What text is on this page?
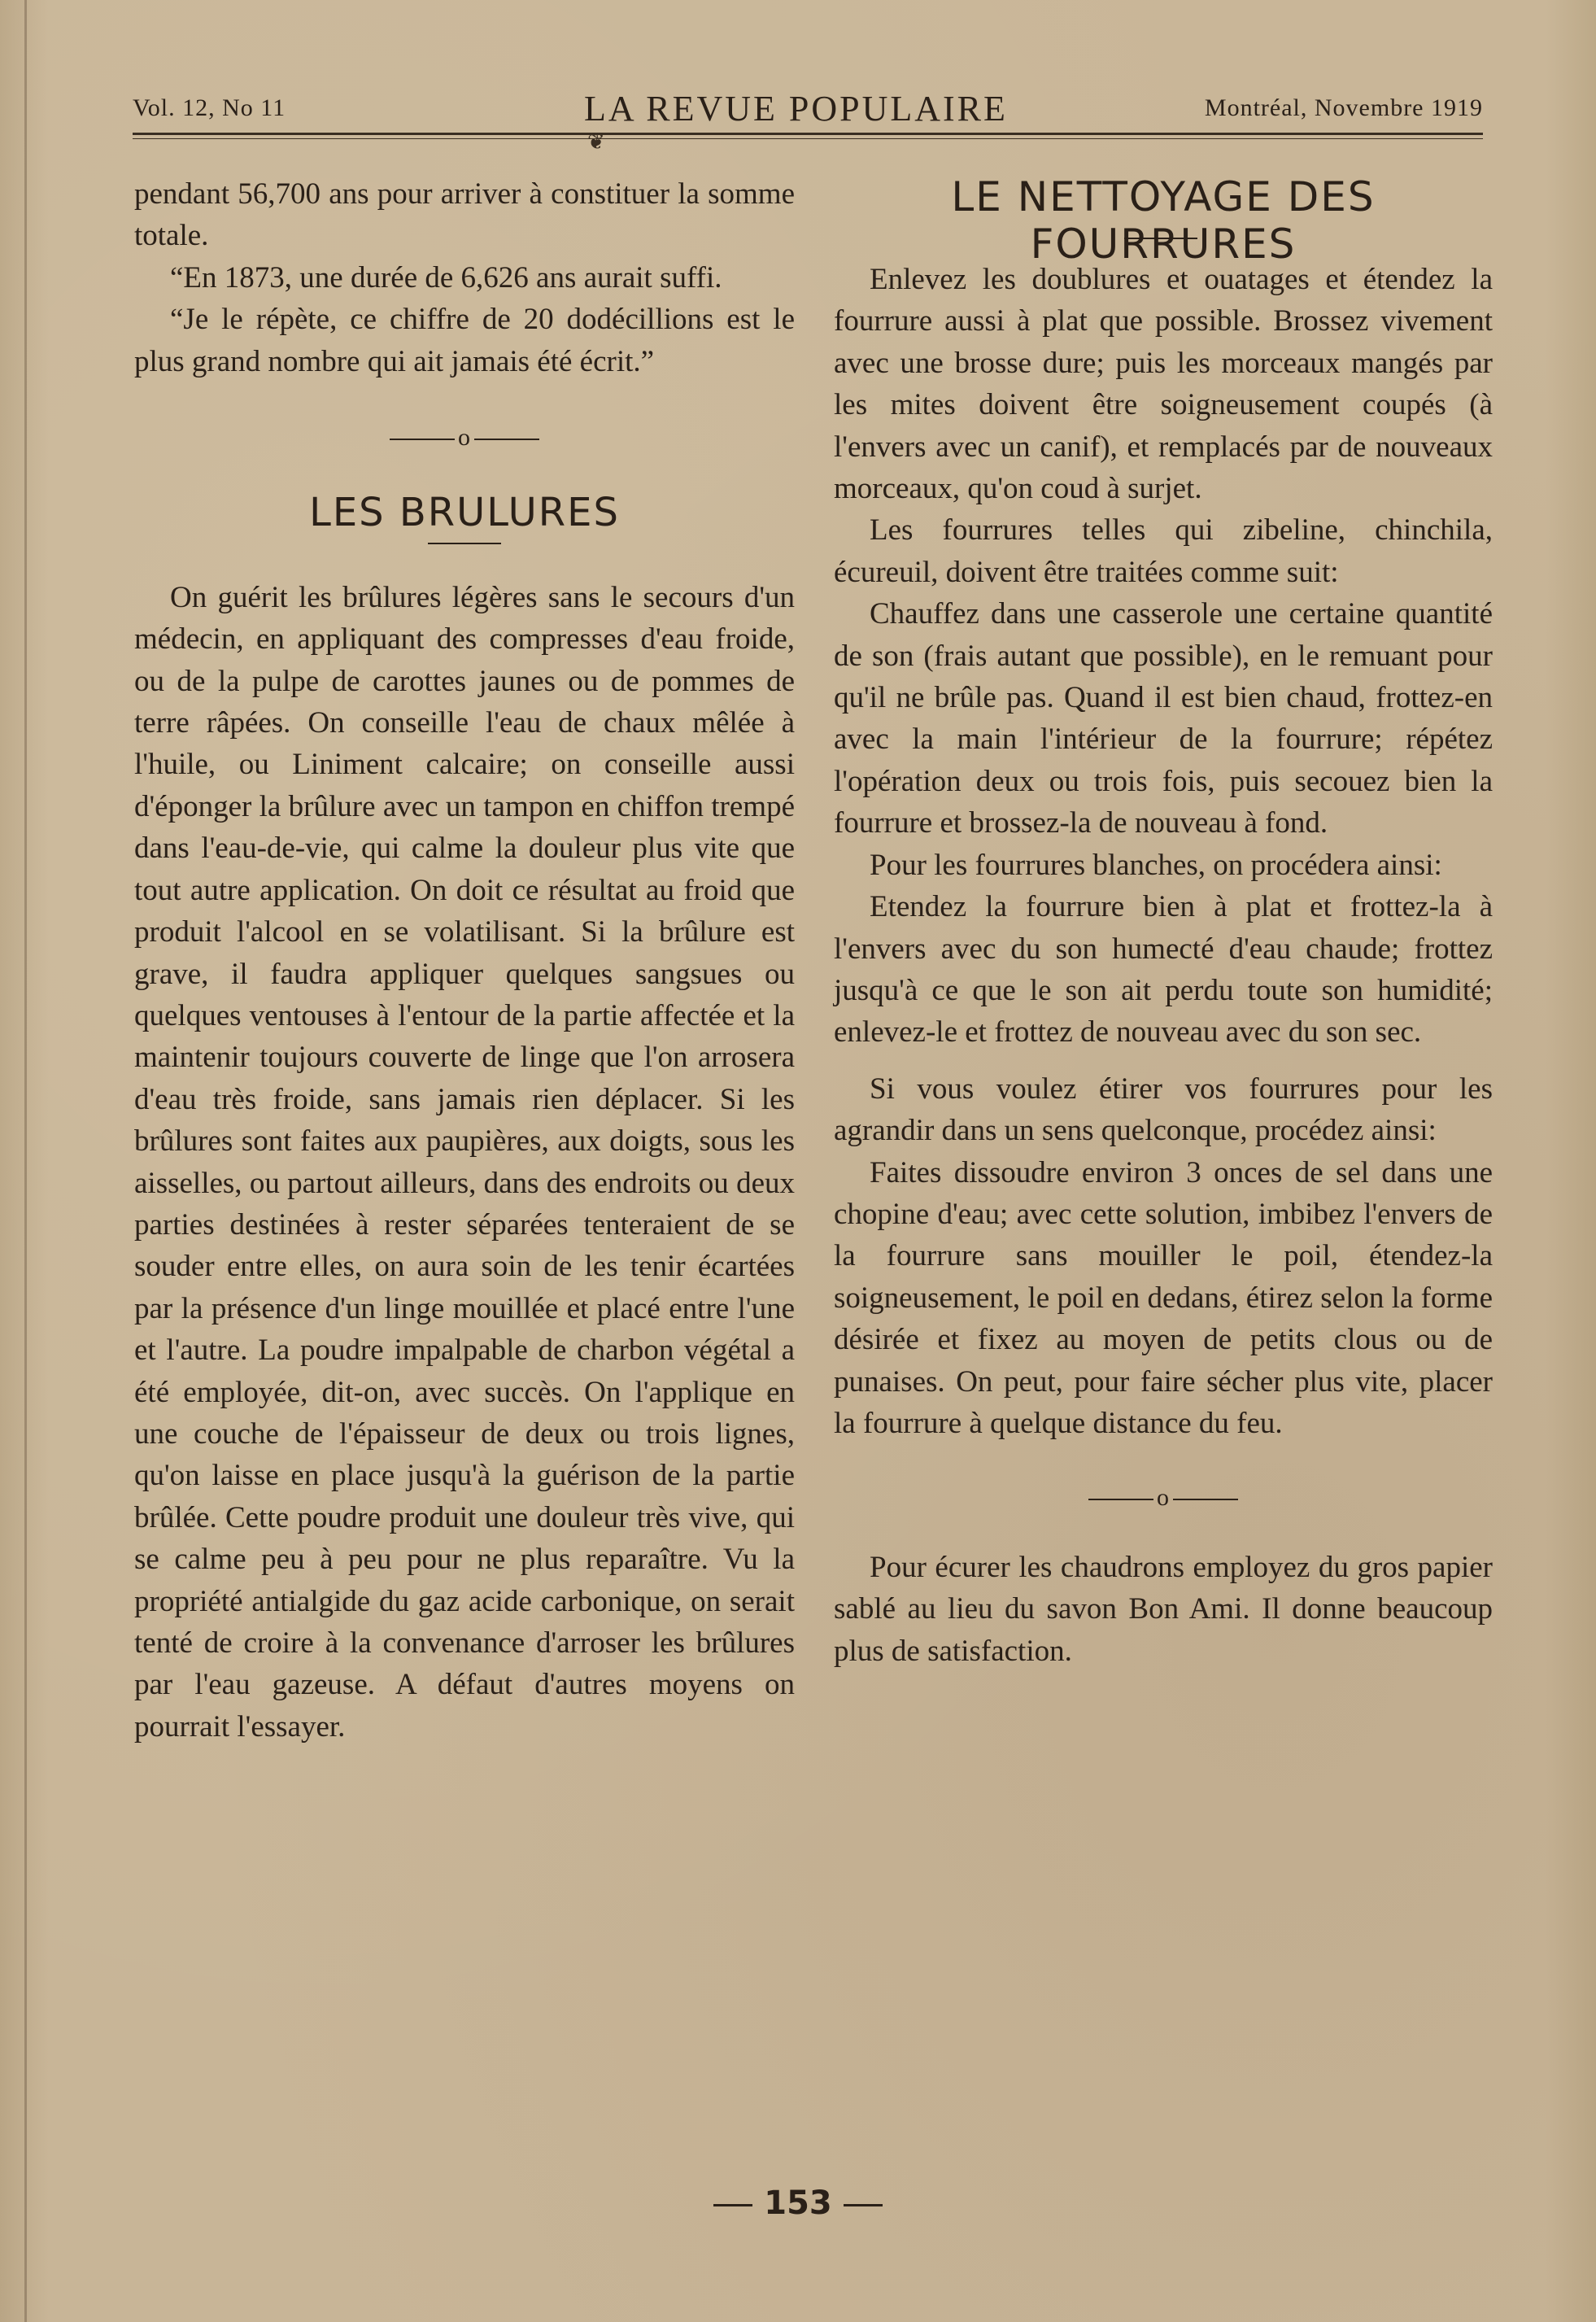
Vol. 12, No 11	LA REVUE POPULAIRE	Montréal, Novembre 1919
❦

pendant 56,700 ans pour arriver à constituer la somme totale.

“En 1873, une durée de 6,626 ans aurait suffi.

“Je le répète, ce chiffre de 20 dodécillions est le plus grand nombre qui ait jamais été écrit.”

o
LES BRULURES

On guérit les brûlures légères sans le secours d'un médecin, en appliquant des compresses d'eau froide, ou de la pulpe de carottes jaunes ou de pommes de terre râpées. On conseille l'eau de chaux mêlée à l'huile, ou Liniment calcaire; on conseille aussi d'éponger la brûlure avec un tampon en chiffon trempé dans l'eau-de-vie, qui calme la douleur plus vite que tout autre application. On doit ce résultat au froid que produit l'alcool en se volatilisant. Si la brûlure est grave, il faudra appliquer quelques sangsues ou quelques ventouses à l'entour de la partie affectée et la maintenir toujours couverte de linge que l'on arrosera d'eau très froide, sans jamais rien déplacer. Si les brûlures sont faites aux paupières, aux doigts, sous les aisselles, ou partout ailleurs, dans des endroits ou deux parties destinées à rester séparées tenteraient de se souder entre elles, on aura soin de les tenir écartées par la présence d'un linge mouillée et placé entre l'une et l'autre. La poudre impalpable de charbon végétal a été employée, dit-on, avec succès. On l'applique en une couche de l'épaisseur de deux ou trois lignes, qu'on laisse en place jusqu'à la guérison de la partie brûlée. Cette poudre produit une douleur très vive, qui se calme peu à peu pour ne plus reparaître. Vu la propriété antialgide du gaz acide carbonique, on serait tenté de croire à la convenance d'arroser les brûlures par l'eau gazeuse. A défaut d'autres moyens on pourrait l'essayer.

LE NETTOYAGE DES FOURRURES

Enlevez les doublures et ouatages et étendez la fourrure aussi à plat que possible. Brossez vivement avec une brosse dure; puis les morceaux mangés par les mites doivent être soigneusement coupés (à l'envers avec un canif), et remplacés par de nouveaux morceaux, qu'on coud à surjet.

Les fourrures telles qui zibeline, chinchila, écureuil, doivent être traitées comme suit:

Chauffez dans une casserole une certaine quantité de son (frais autant que possible), en le remuant pour qu'il ne brûle pas. Quand il est bien chaud, frottez-en avec la main l'intérieur de la fourrure; répétez l'opération deux ou trois fois, puis secouez bien la fourrure et brossez-la de nouveau à fond.

Pour les fourrures blanches, on procédera ainsi:

Etendez la fourrure bien à plat et frottez-la à l'envers avec du son humecté d'eau chaude; frottez jusqu'à ce que le son ait perdu toute son humidité; enlevez-le et frottez de nouveau avec du son sec.

Si vous voulez étirer vos fourrures pour les agrandir dans un sens quelconque, procédez ainsi:

Faites dissoudre environ 3 onces de sel dans une chopine d'eau; avec cette solution, imbibez l'envers de la fourrure sans mouiller le poil, étendez-la soigneusement, le poil en dedans, étirez selon la forme désirée et fixez au moyen de petits clous ou de punaises. On peut, pour faire sécher plus vite, placer la fourrure à quelque distance du feu.

o

Pour écurer les chaudrons employez du gros papier sablé au lieu du savon Bon Ami. Il donne beaucoup plus de satisfaction.

153
